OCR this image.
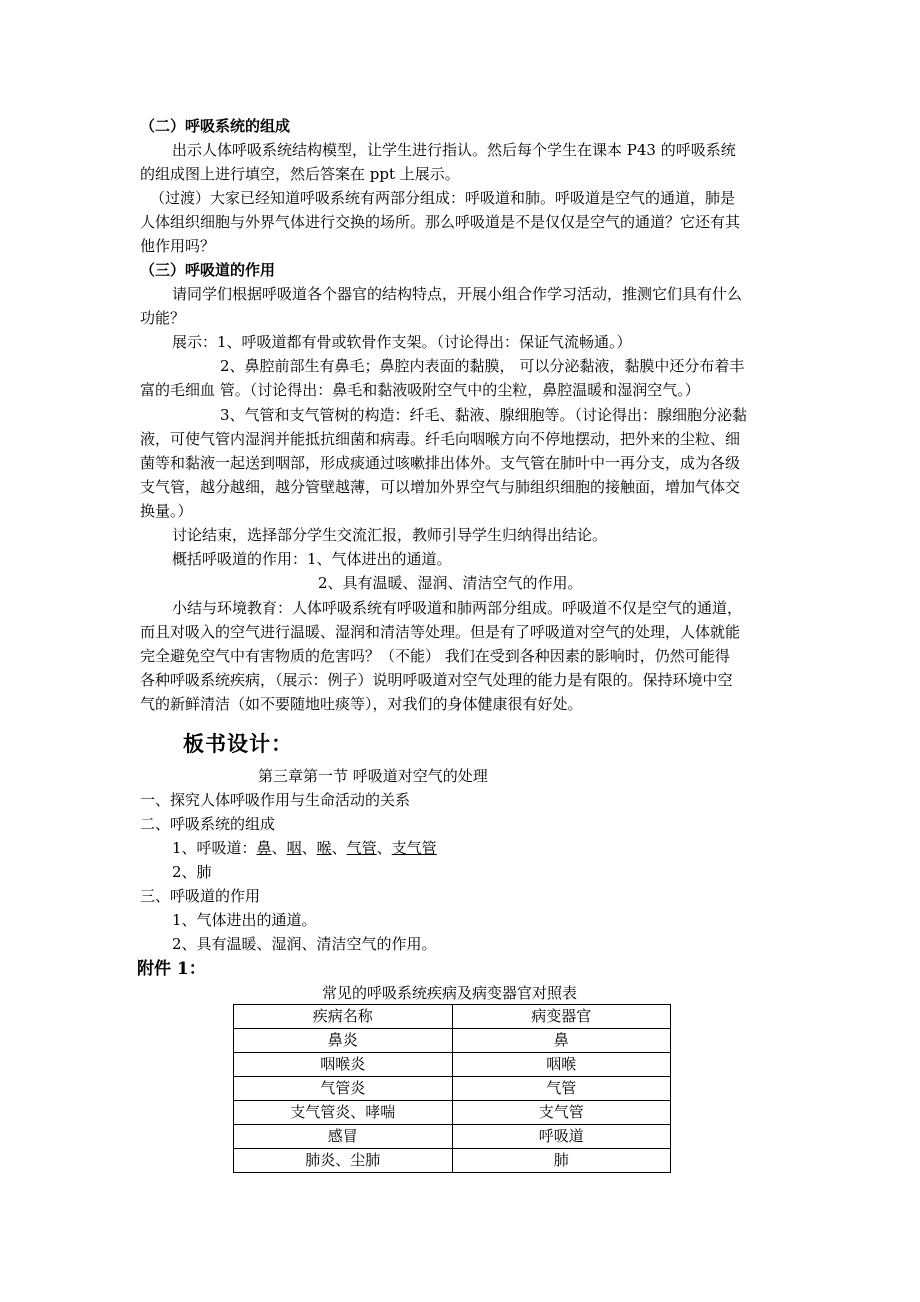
（二）呼吸系统的组成
出示人体呼吸系统结构模型，让学生进行指认。然后每个学生在课本 P43 的呼吸系统
的组成图上进行填空，然后答案在 ppt 上展示。
（过渡）大家已经知道呼吸系统有两部分组成：呼吸道和肺。呼吸道是空气的通道，肺是
人体组织细胞与外界气体进行交换的场所。那么呼吸道是不是仅仅是空气的通道？它还有其
他作用吗？
（三）呼吸道的作用
请同学们根据呼吸道各个器官的结构特点，开展小组合作学习活动，推测它们具有什么
功能？
展示：1、呼吸道都有骨或软骨作支架。（讨论得出：保证气流畅通。）
2、鼻腔前部生有鼻毛；鼻腔内表面的黏膜， 可以分泌黏液，黏膜中还分布着丰
富的毛细血 管。（讨论得出：鼻毛和黏液吸附空气中的尘粒，鼻腔温暖和湿润空气。）
3、气管和支气管树的构造：纤毛、黏液、腺细胞等。（讨论得出：腺细胞分泌黏
液，可使气管内湿润并能抵抗细菌和病毒。纤毛向咽喉方向不停地摆动，把外来的尘粒、细
菌等和黏液一起送到咽部，形成痰通过咳嗽排出体外。支气管在肺叶中一再分支，成为各级
支气管，越分越细，越分管壁越薄，可以增加外界空气与肺组织细胞的接触面，增加气体交
换量。）
讨论结束，选择部分学生交流汇报，教师引导学生归纳得出结论。
概括呼吸道的作用：1、气体进出的通道。
2、具有温暖、湿润、清洁空气的作用。
小结与环境教育：人体呼吸系统有呼吸道和肺两部分组成。呼吸道不仅是空气的通道，
而且对吸入的空气进行温暖、湿润和清洁等处理。但是有了呼吸道对空气的处理，人体就能
完全避免空气中有害物质的危害吗？（不能） 我们在受到各种因素的影响时，仍然可能得
各种呼吸系统疾病，（展示：例子）说明呼吸道对空气处理的能力是有限的。保持环境中空
气的新鲜清洁（如不要随地吐痰等），对我们的身体健康很有好处。
板书设计：
第三章第一节 呼吸道对空气的处理
一、探究人体呼吸作用与生命活动的关系
二、呼吸系统的组成
1、呼吸道：鼻、咽、喉、气管、支气管
2、肺
三、呼吸道的作用
1、气体进出的通道。
2、具有温暖、湿润、清洁空气的作用。
附件 1：
常见的呼吸系统疾病及病变器官对照表
疾病名称	病变器官
鼻炎	鼻
咽喉炎	咽喉
气管炎	气管
支气管炎、哮喘	支气管
感冒	呼吸道
肺炎、尘肺	肺
